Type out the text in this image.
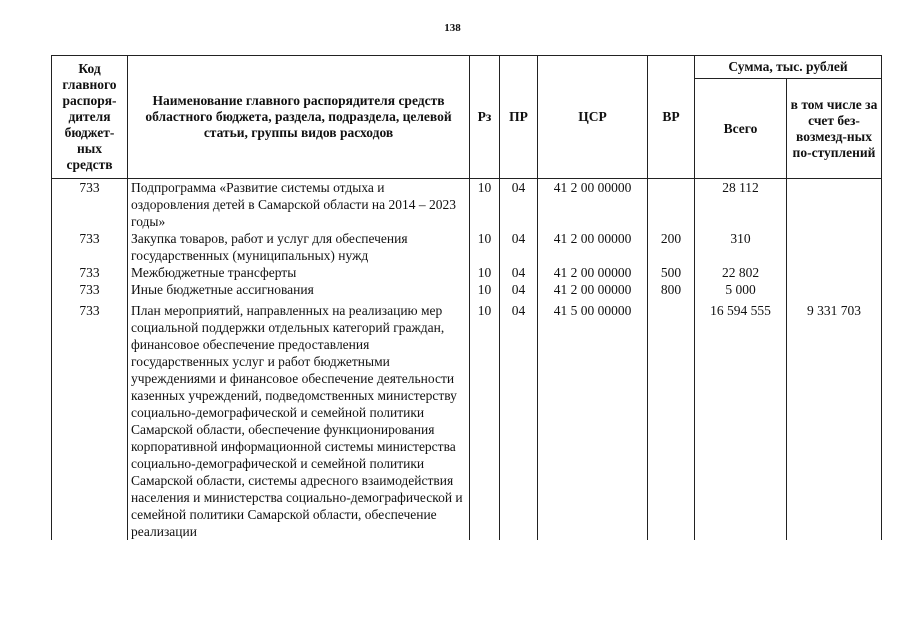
138
Код главного распоря-дителя бюджет-ных средств	Наименование главного распорядителя средств областного бюджета, раздела, подраздела, целевой статьи, группы видов расходов	Рз	ПР	ЦСР	ВР	Сумма, тыс. рублей	
						Всего	в том числе за счет без-возмезд-ных по-ступлений
733	Подпрограмма «Развитие системы отдыха и оздоровления детей в Самарской области на 2014 – 2023 годы»	10	04	41 2 00 00000		28 112	
733	Закупка товаров, работ и услуг для обеспечения государственных (муниципальных) нужд	10	04	41 2 00 00000	200	310	
733	Межбюджетные трансферты	10	04	41 2 00 00000	500	22 802	
733	Иные бюджетные ассигнования	10	04	41 2 00 00000	800	5 000	
733	План мероприятий, направленных на реализацию мер социальной поддержки отдельных категорий граждан, финансовое обеспечение предоставления государственных услуг и работ бюджетными учреждениями и финансовое обеспечение деятельности казенных учреждений, подведомственных министерству социально-демографической и семейной политики Самарской области, обеспечение функционирования корпоративной информационной системы министерства социально-демографической и семейной политики Самарской области, системы адресного взаимодействия населения и министерства социально-демографической и семейной политики Самарской области, обеспечение реализации	10	04	41 5 00 00000		16 594 555	9 331 703
